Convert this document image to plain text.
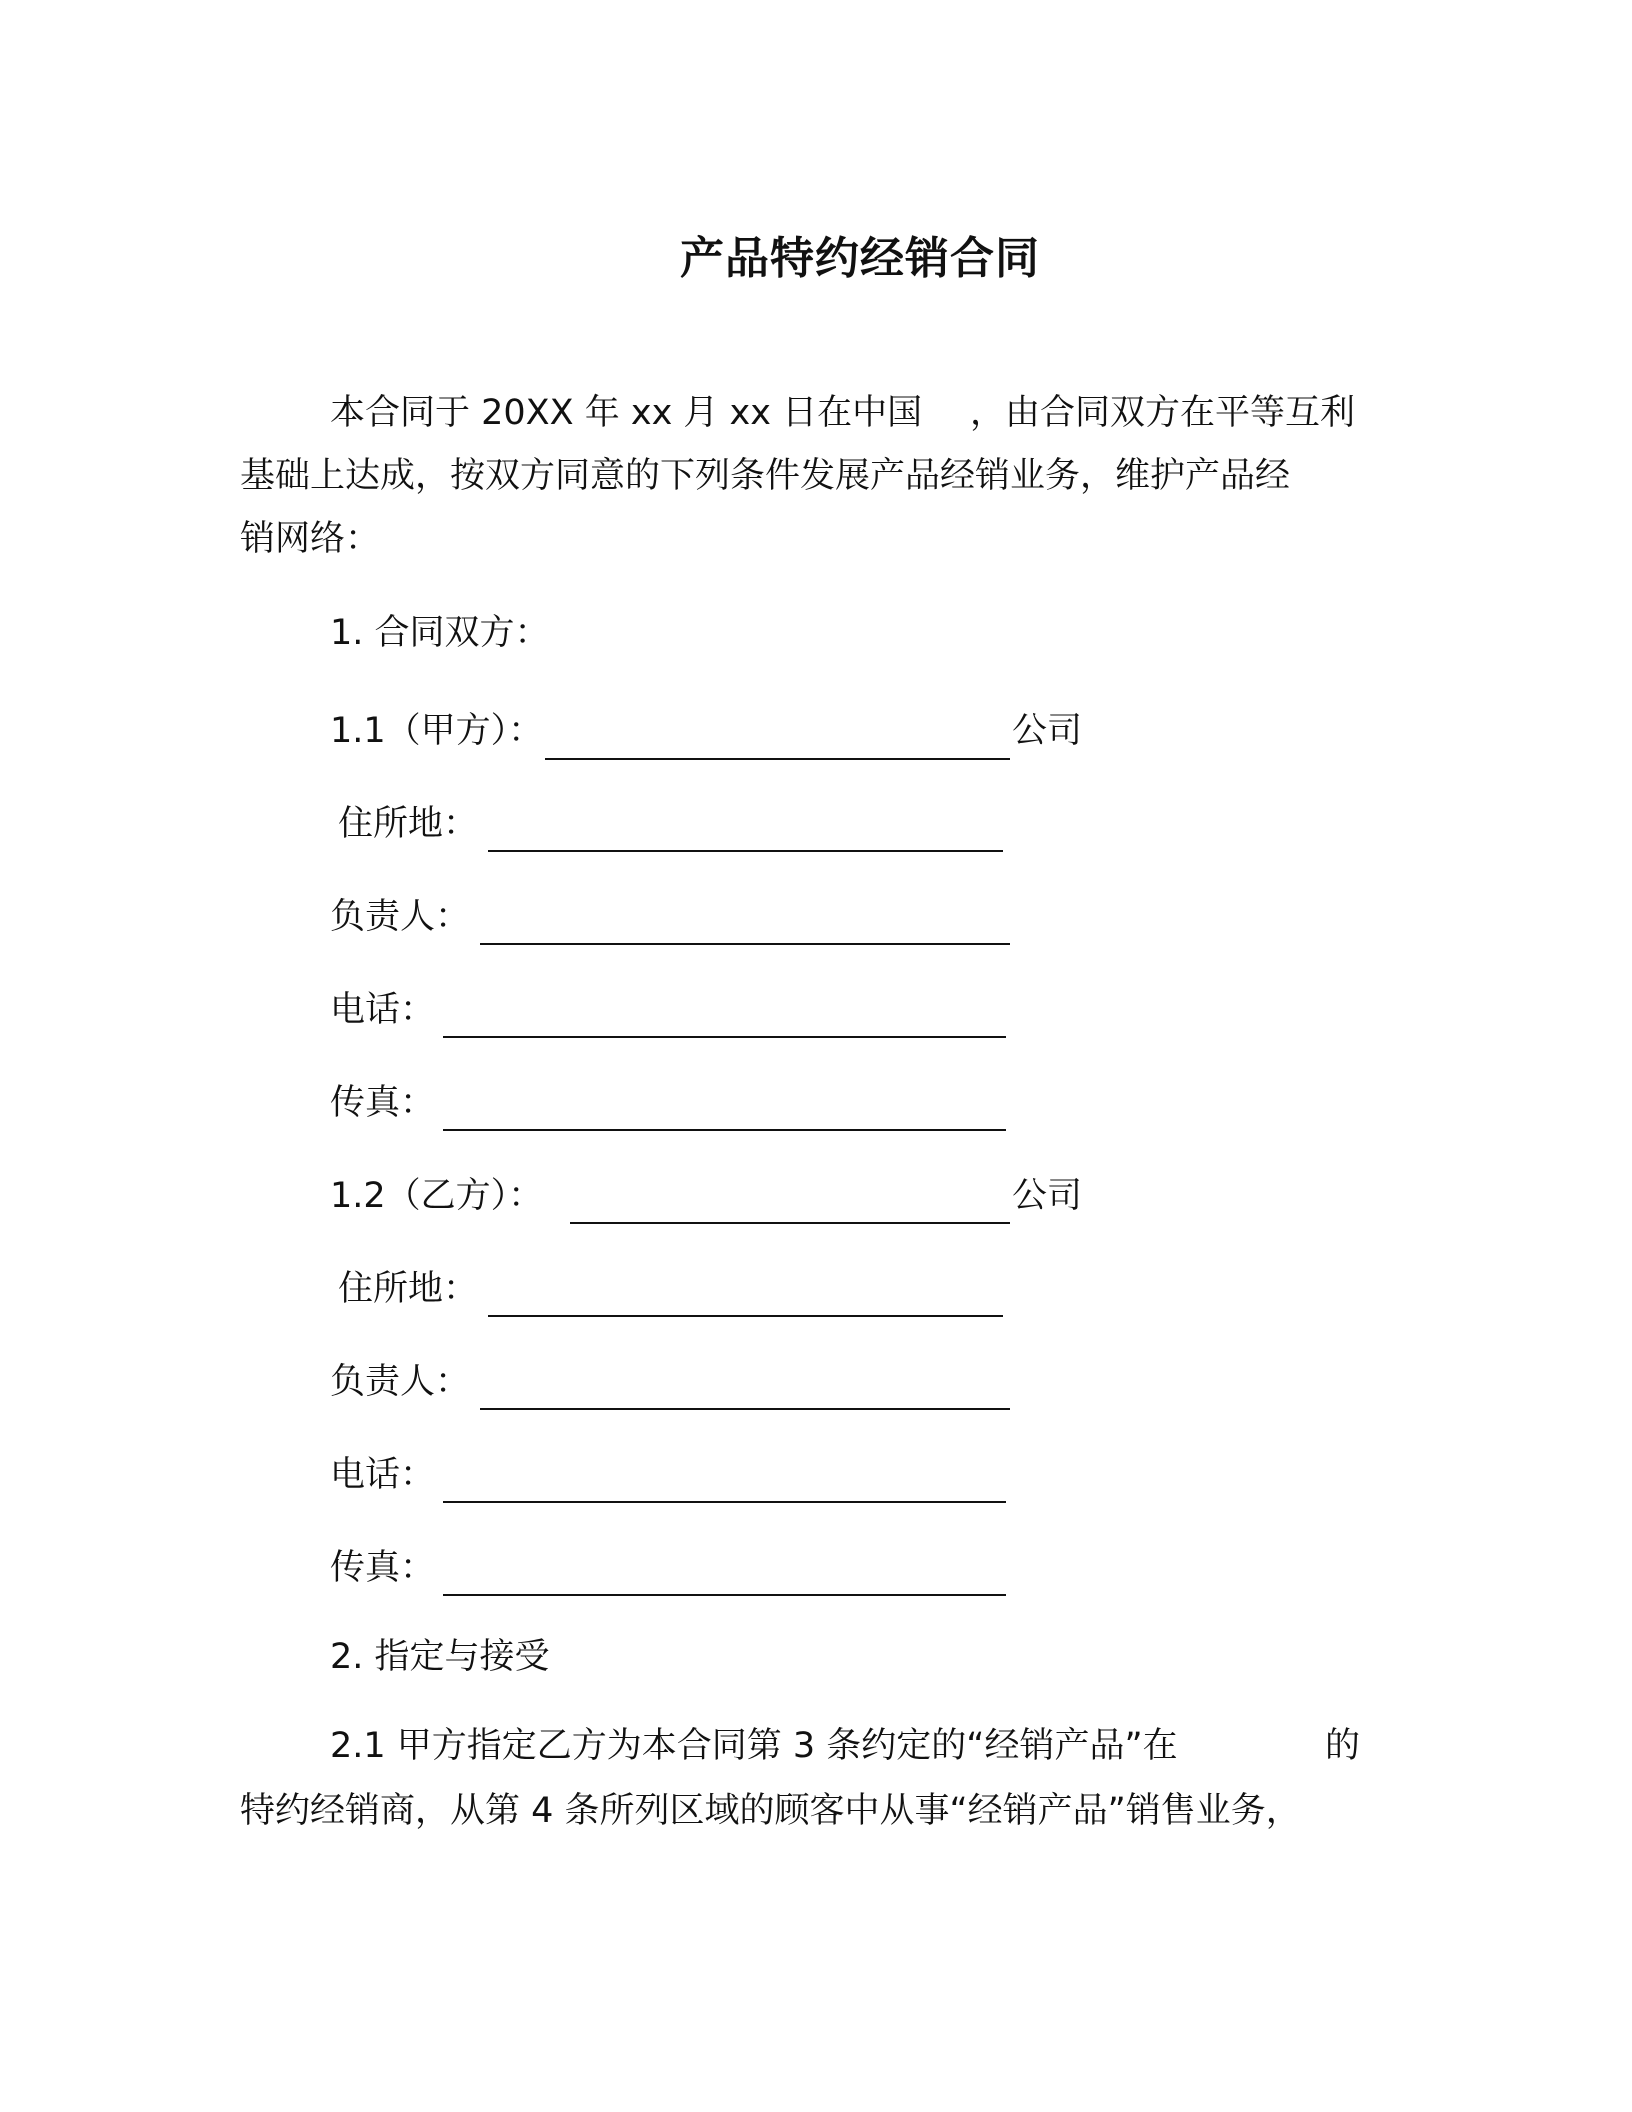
产品特约经销合同
本合同于 20XX 年 xx 月 xx 日在中国 ，由合同双方在平等互利
基础上达成，按双方同意的下列条件发展产品经销业务，维护产品经
销网络：
1. 合同双方：
1.1（甲方）：	公司
住所地：
负责人：
电话：
传真：
1.2（乙方）：	公司
住所地：
负责人：
电话：
传真：
2. 指定与接受
2.1 甲方指定乙方为本合同第 3 条约定的“经销产品”在	的
特约经销商，从第 4 条所列区域的顾客中从事“经销产品”销售业务，
